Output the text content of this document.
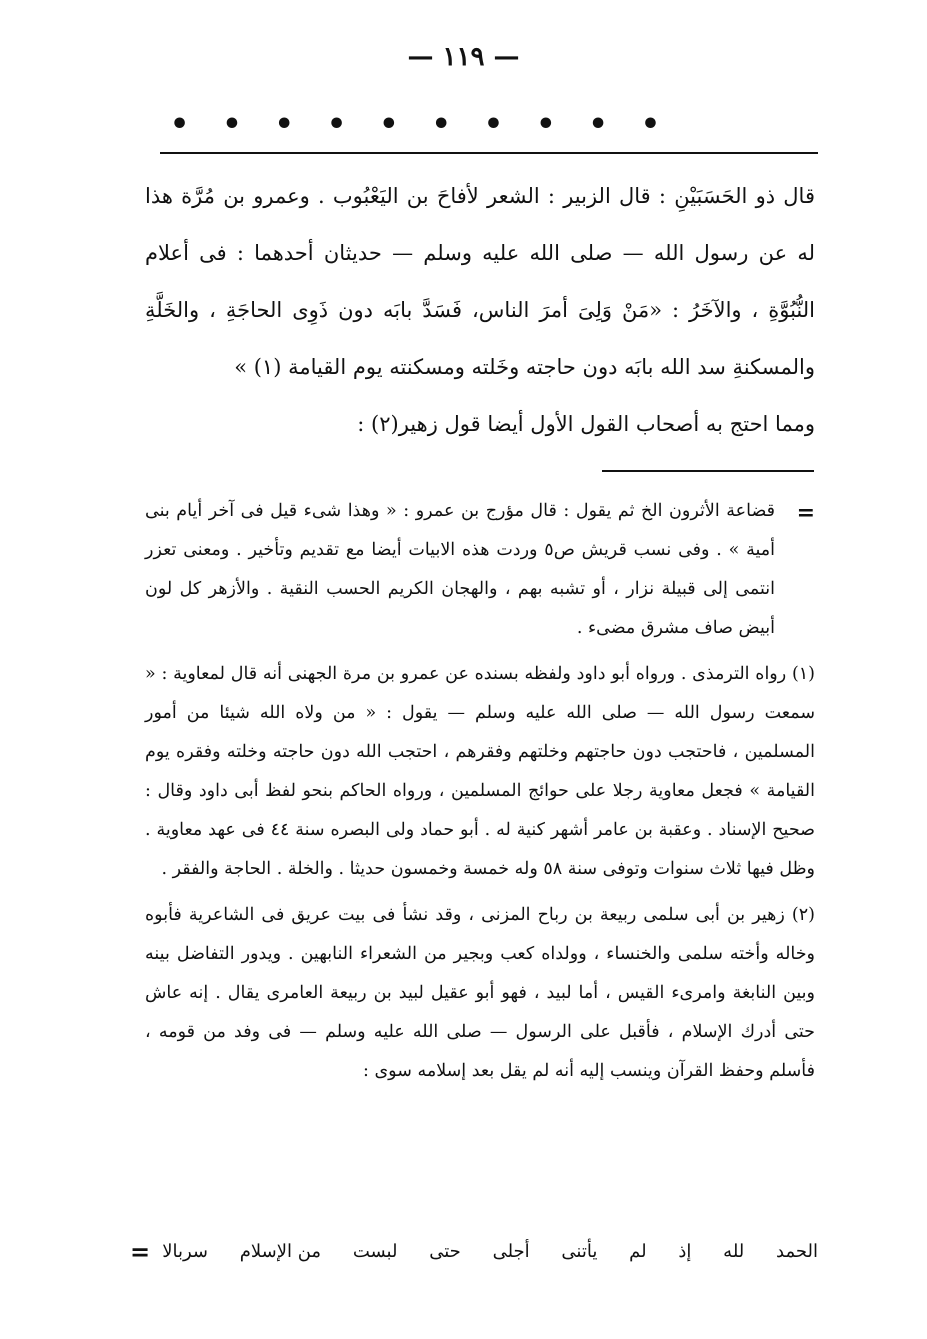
— ١١٩ —
• • • • • • • • • •

قال ذو الحَسَبَيْنِ : قال الزبير : الشعر لأفاحَ بن اليَعْبُوب . وعمرو بن مُرَّة هذا له عن رسول الله — صلى الله عليه وسلم — حديثان أحدهما : فى أعلام النُّبُوَّةِ ، والآخَرُ : «مَنْ وَلِىَ أمرَ الناس، فَسَدَّ بابَه دون ذَوِى الحاجَةِ ، والخَلَّةِ والمسكنةِ سد الله بابَه دون حاجته وخَلته ومسكنته يوم القيامة (١) »

ومما احتج به أصحاب القول الأول أيضا قول زهير(٢) :

=
قضاعة الأثرون الخ ثم يقول : قال مؤرج بن عمرو : « وهذا شىء قيل فى آخر أيام بنى أمية » . وفى نسب قريش ص٥ وردت هذه الابيات أيضا مع تقديم وتأخير . ومعنى تعزر انتمى إلى قبيلة نزار ، أو تشبه بهم ، والهجان الكريم الحسب النقية . والأزهر كل لون أبيض صاف مشرق مضىء .

(١) رواه الترمذى . ورواه أبو داود ولفظه بسنده عن عمرو بن مرة الجهنى أنه قال لمعاوية : « سمعت رسول الله — صلى الله عليه وسلم — يقول : « من ولاه الله شيئا من أمور المسلمين ، فاحتجب دون حاجتهم وخلتهم وفقرهم ، احتجب الله دون حاجته وخلته وفقره يوم القيامة » فجعل معاوية رجلا على حوائج المسلمين ، ورواه الحاكم بنحو لفظ أبى داود وقال : صحيح الإسناد . وعقبة بن عامر أشهر كنية له . أبو حماد ولى البصره سنة ٤٤ فى عهد معاوية . وظل فيها ثلاث سنوات وتوفى سنة ٥٨ وله خمسة وخمسون حديثا . والخلة . الحاجة والفقر .

(٢) زهير بن أبى سلمى ربيعة بن رباح المزنى ، وقد نشأ فى بيت عريق فى الشاعرية فأبوه وخاله وأخته سلمى والخنساء ، وولداه كعب وبجير من الشعراء النابهين . ويدور التفاضل بينه وبين النابغة وامرىء القيس ، أما لبيد ، فهو أبو عقيل لبيد بن ربيعة العامرى يقال . إنه عاش حتى أدرك الإسلام ، فأقبل على الرسول — صلى الله عليه وسلم — فى وفد من قومه ، فأسلم وحفظ القرآن وينسب إليه أنه لم يقل بعد إسلامه سوى :

الحمد
لله
إذ
لم
يأتنى
أجلى
حتى
لبست
من الإسلام
سربالا
=
